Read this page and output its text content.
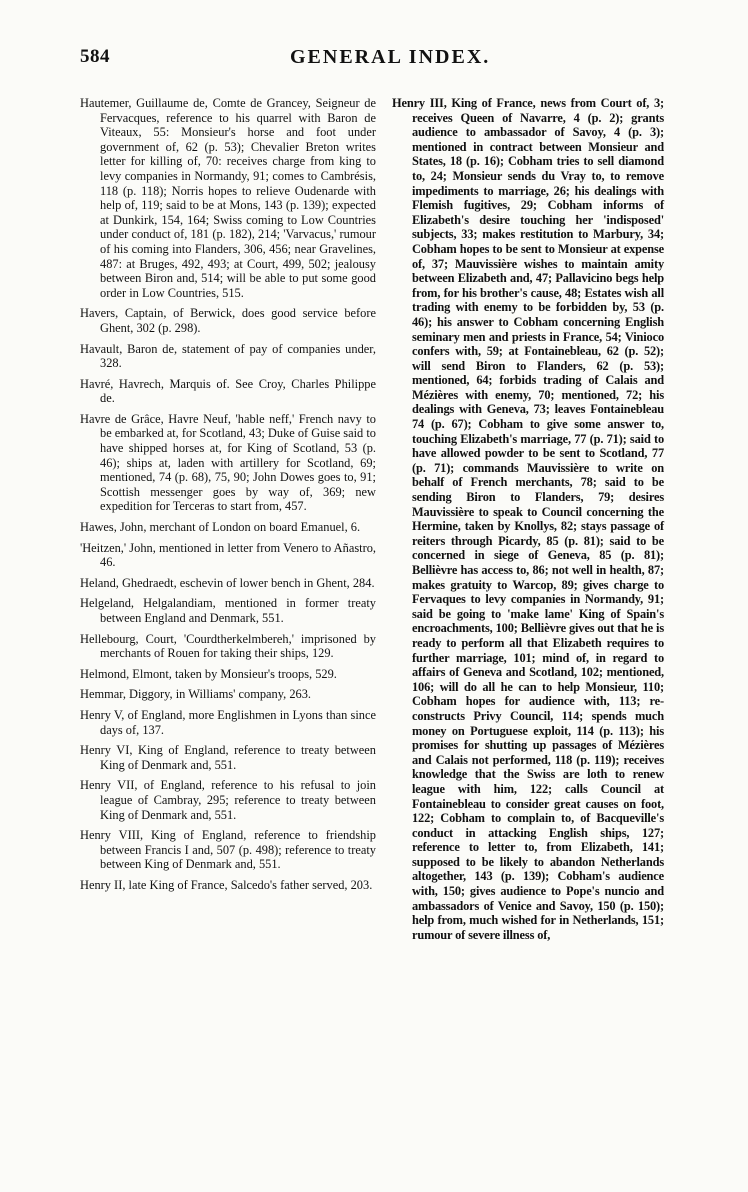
584	GENERAL INDEX.

Hautemer, Guillaume de, Comte de Grancey, Seigneur de Fervacques, reference to his quarrel with Baron de Viteaux, 55: Monsieur's horse and foot under government of, 62 (p. 53); Chevalier Breton writes letter for killing of, 70: receives charge from king to levy companies in Normandy, 91; comes to Cambrésis, 118 (p. 118); Norris hopes to relieve Oudenarde with help of, 119; said to be at Mons, 143 (p. 139); expected at Dunkirk, 154, 164; Swiss coming to Low Countries under conduct of, 181 (p. 182), 214; 'Varvacus,' rumour of his coming into Flanders, 306, 456; near Gravelines, 487: at Bruges, 492, 493; at Court, 499, 502; jealousy between Biron and, 514; will be able to put some good order in Low Countries, 515.

Havers, Captain, of Berwick, does good service before Ghent, 302 (p. 298).

Havault, Baron de, statement of pay of companies under, 328.

Havré, Havrech, Marquis of. See Croy, Charles Philippe de.

Havre de Grâce, Havre Neuf, 'hable neff,' French navy to be embarked at, for Scotland, 43; Duke of Guise said to have shipped horses at, for King of Scotland, 53 (p. 46); ships at, laden with artillery for Scotland, 69; mentioned, 74 (p. 68), 75, 90; John Dowes goes to, 91; Scottish messenger goes by way of, 369; new expedition for Terceras to start from, 457.

Hawes, John, merchant of London on board Emanuel, 6.

'Heitzen,' John, mentioned in letter from Venero to Añastro, 46.

Heland, Ghedraedt, eschevin of lower bench in Ghent, 284.

Helgeland, Helgalandiam, mentioned in former treaty between England and Denmark, 551.

Hellebourg, Court, 'Courdtherkelmbereh,' imprisoned by merchants of Rouen for taking their ships, 129.

Helmond, Elmont, taken by Monsieur's troops, 529.

Hemmar, Diggory, in Williams' company, 263.

Henry V, of England, more Englishmen in Lyons than since days of, 137.

Henry VI, King of England, reference to treaty between King of Denmark and, 551.

Henry VII, of England, reference to his refusal to join league of Cambray, 295; reference to treaty between King of Denmark and, 551.

Henry VIII, King of England, reference to friendship between Francis I and, 507 (p. 498); reference to treaty between King of Denmark and, 551.

Henry II, late King of France, Salcedo's father served, 203.

Henry III, King of France, news from Court of, 3; receives Queen of Navarre, 4 (p. 2); grants audience to ambassador of Savoy, 4 (p. 3); mentioned in contract between Monsieur and States, 18 (p. 16); Cobham tries to sell diamond to, 24; Monsieur sends du Vray to, to remove impediments to marriage, 26; his dealings with Flemish fugitives, 29; Cobham informs of Elizabeth's desire touching her 'indisposed' subjects, 33; makes restitution to Marbury, 34; Cobham hopes to be sent to Monsieur at expense of, 37; Mauvissière wishes to maintain amity between Elizabeth and, 47; Pallavicino begs help from, for his brother's cause, 48; Estates wish all trading with enemy to be forbidden by, 53 (p. 46); his answer to Cobham concerning English seminary men and priests in France, 54; Vinioco confers with, 59; at Fontainebleau, 62 (p. 52); will send Biron to Flanders, 62 (p. 53); mentioned, 64; forbids trading of Calais and Mézières with enemy, 70; mentioned, 72; his dealings with Geneva, 73; leaves Fontainebleau 74 (p. 67); Cobham to give some answer to, touching Elizabeth's marriage, 77 (p. 71); said to have allowed powder to be sent to Scotland, 77 (p. 71); commands Mauvissière to write on behalf of French merchants, 78; said to be sending Biron to Flanders, 79; desires Mauvissière to speak to Council concerning the Hermine, taken by Knollys, 82; stays passage of reiters through Picardy, 85 (p. 81); said to be concerned in siege of Geneva, 85 (p. 81); Bellièvre has access to, 86; not well in health, 87; makes gratuity to Warcop, 89; gives charge to Fervaques to levy companies in Normandy, 91; said be going to 'make lame' King of Spain's encroachments, 100; Bellièvre gives out that he is ready to perform all that Elizabeth requires to further marriage, 101; mind of, in regard to affairs of Geneva and Scotland, 102; mentioned, 106; will do all he can to help Monsieur, 110; Cobham hopes for audience with, 113; re-constructs Privy Council, 114; spends much money on Portuguese exploit, 114 (p. 113); his promises for shutting up passages of Mézières and Calais not performed, 118 (p. 119); receives knowledge that the Swiss are loth to renew league with him, 122; calls Council at Fontainebleau to consider great causes on foot, 122; Cobham to complain to, of Bacqueville's conduct in attacking English ships, 127; reference to letter to, from Elizabeth, 141; supposed to be likely to abandon Netherlands altogether, 143 (p. 139); Cobham's audience with, 150; gives audience to Pope's nuncio and ambassadors of Venice and Savoy, 150 (p. 150); help from, much wished for in Netherlands, 151; rumour of severe illness of,
